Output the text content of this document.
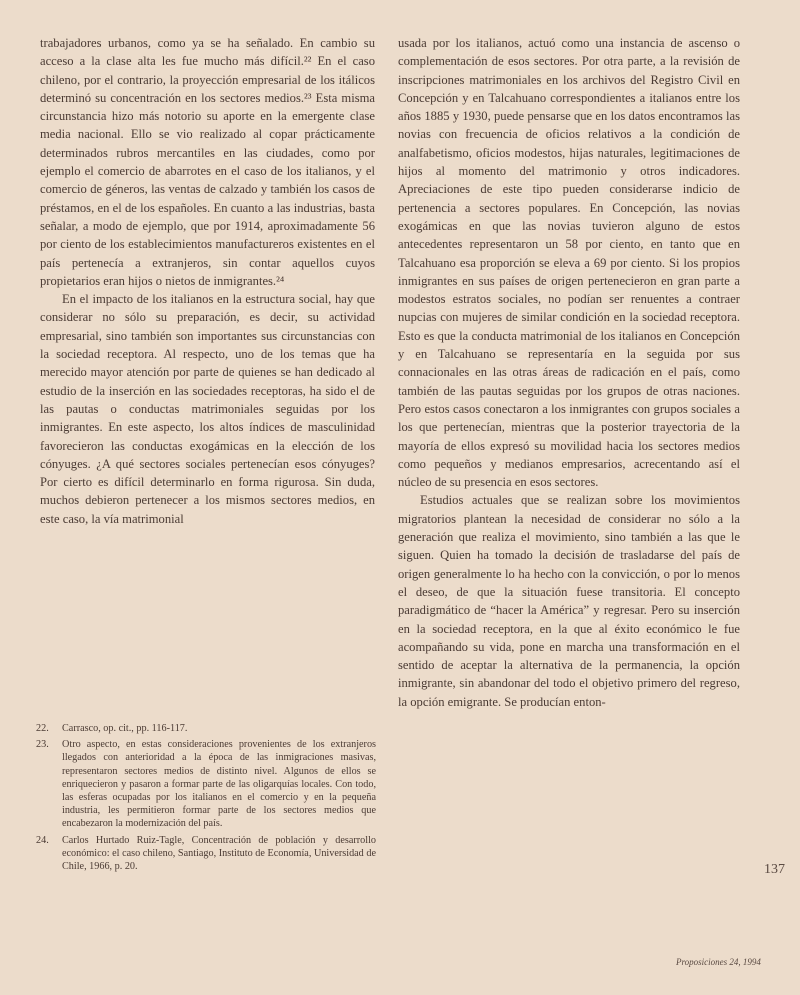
trabajadores urbanos, como ya se ha señalado. En cambio su acceso a la clase alta les fue mucho más difícil.²² En el caso chileno, por el contrario, la proyección empresarial de los itálicos determinó su concentración en los sectores medios.²³ Esta misma circunstancia hizo más notorio su aporte en la emergente clase media nacional. Ello se vio realizado al copar prácticamente determinados rubros mercantiles en las ciudades, como por ejemplo el comercio de abarrotes en el caso de los italianos, y el comercio de géneros, las ventas de calzado y también los casos de préstamos, en el de los españoles. En cuanto a las industrias, basta señalar, a modo de ejemplo, que por 1914, aproximadamente 56 por ciento de los establecimientos manufactureros existentes en el país pertenecía a extranjeros, sin contar aquellos cuyos propietarios eran hijos o nietos de inmigrantes.²⁴

En el impacto de los italianos en la estructura social, hay que considerar no sólo su preparación, es decir, su actividad empresarial, sino también son importantes sus circunstancias con la sociedad receptora. Al respecto, uno de los temas que ha merecido mayor atención por parte de quienes se han dedicado al estudio de la inserción en las sociedades receptoras, ha sido el de las pautas o conductas matrimoniales seguidas por los inmigrantes. En este aspecto, los altos índices de masculinidad favorecieron las conductas exogámicas en la elección de los cónyuges. ¿A qué sectores sociales pertenecían esos cónyuges? Por cierto es difícil determinarlo en forma rigurosa. Sin duda, muchos debieron pertenecer a los mismos sectores medios, en este caso, la vía matrimonial

22.	Carrasco, op. cit., pp. 116-117.
23.	Otro aspecto, en estas consideraciones provenientes de los extranjeros llegados con anterioridad a la época de las inmigraciones masivas, representaron sectores medios de distinto nivel. Algunos de ellos se enriquecieron y pasaron a formar parte de las oligarquías locales. Con todo, las esferas ocupadas por los italianos en el comercio y en la pequeña industria, les permitieron formar parte de los sectores medios que encabezaron la modernización del país.
24.	Carlos Hurtado Ruiz-Tagle, Concentración de población y desarrollo económico: el caso chileno, Santiago, Instituto de Economía, Universidad de Chile, 1966, p. 20.

usada por los italianos, actuó como una instancia de ascenso o complementación de esos sectores. Por otra parte, a la revisión de inscripciones matrimoniales en los archivos del Registro Civil en Concepción y en Talcahuano correspondientes a italianos entre los años 1885 y 1930, puede pensarse que en los datos encontramos las novias con frecuencia de oficios relativos a la condición de analfabetismo, oficios modestos, hijas naturales, legitimaciones de hijos al momento del matrimonio y otros indicadores. Apreciaciones de este tipo pueden considerarse indicio de pertenencia a sectores populares. En Concepción, las novias exogámicas en que las novias tuvieron alguno de estos antecedentes representaron un 58 por ciento, en tanto que en Talcahuano esa proporción se eleva a 69 por ciento. Si los propios inmigrantes en sus países de origen pertenecieron en gran parte a modestos estratos sociales, no podían ser renuentes a contraer nupcias con mujeres de similar condición en la sociedad receptora. Esto es que la conducta matrimonial de los italianos en Concepción y en Talcahuano se representaría en la seguida por sus connacionales en las otras áreas de radicación en el país, como también de las pautas seguidas por los grupos de otras naciones. Pero estos casos conectaron a los inmigrantes con grupos sociales a los que pertenecían, mientras que la posterior trayectoria de la mayoría de ellos expresó su movilidad hacia los sectores medios como pequeños y medianos empresarios, acrecentando así el núcleo de su presencia en esos sectores.

Estudios actuales que se realizan sobre los movimientos migratorios plantean la necesidad de considerar no sólo a la generación que realiza el movimiento, sino también a las que le siguen. Quien ha tomado la decisión de trasladarse del país de origen generalmente lo ha hecho con la convicción, o por lo menos el deseo, de que la situación fuese transitoria. El concepto paradigmático de “hacer la América” y regresar. Pero su inserción en la sociedad receptora, en la que al éxito económico le fue acompañando su vida, pone en marcha una transformación en el sentido de aceptar la alternativa de la permanencia, la opción inmigrante, sin abandonar del todo el objetivo primero del regreso, la opción emigrante. Se producían enton-

137
Proposiciones 24, 1994
